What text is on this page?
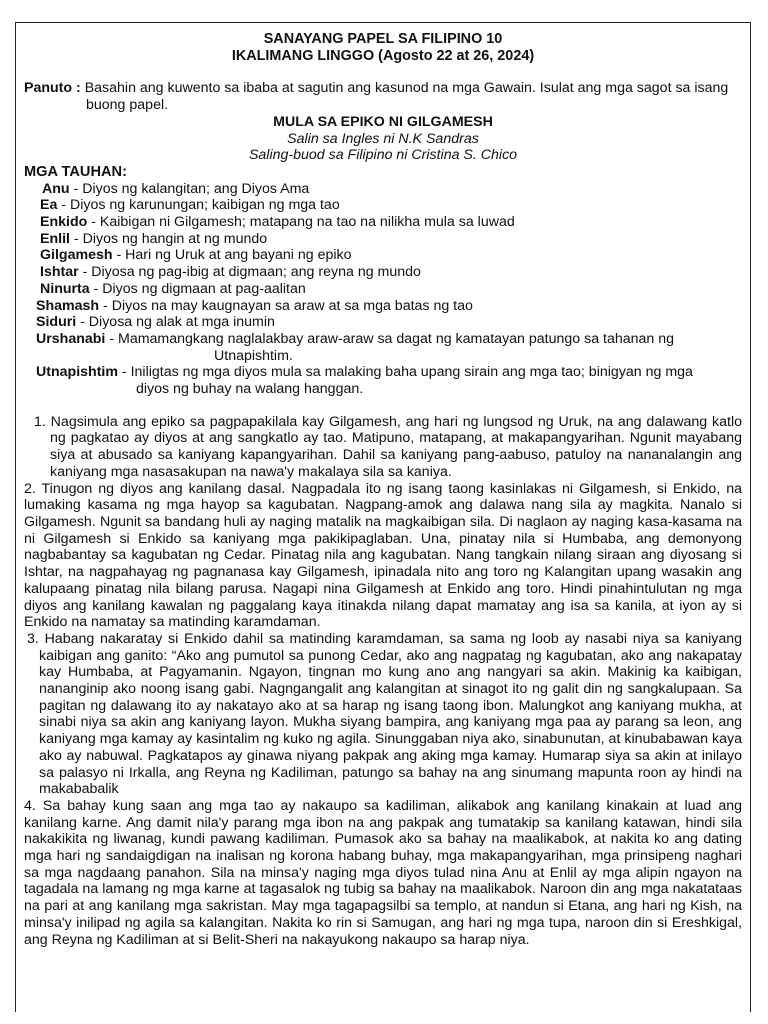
SANAYANG PAPEL SA FILIPINO 10
IKALIMANG LINGGO (Agosto 22 at 26, 2024)
Panuto : Basahin ang kuwento sa ibaba at sagutin ang kasunod na mga Gawain. Isulat ang mga sagot sa isang buong papel.
MULA SA EPIKO NI GILGAMESH
Salin sa Ingles ni N.K Sandras
Saling-buod sa Filipino ni Cristina S. Chico
MGA TAUHAN:
Anu - Diyos ng kalangitan; ang Diyos Ama
Ea - Diyos ng karunungan; kaibigan ng mga tao
Enkido - Kaibigan ni Gilgamesh; matapang na tao na nilikha mula sa luwad
Enlil - Diyos ng hangin at ng mundo
Gilgamesh - Hari ng Uruk at ang bayani ng epiko
Ishtar - Diyosa ng pag-ibig at digmaan; ang reyna ng mundo
Ninurta - Diyos ng digmaan at pag-aalitan
Shamash - Diyos na may kaugnayan sa araw at sa mga batas ng tao
Siduri - Diyosa ng alak at mga inumin
Urshanabi - Mamamangkang naglalakbay araw-araw sa dagat ng kamatayan patungo sa tahanan ng Utnapishtim.
Utnapishtim - Iniligtas ng mga diyos mula sa malaking baha upang sirain ang mga tao; binigyan ng mga diyos ng buhay na walang hanggan.
1. Nagsimula ang epiko sa pagpapakilala kay Gilgamesh, ang hari ng lungsod ng Uruk, na ang dalawang katlo ng pagkatao ay diyos at ang sangkatlo ay tao. Matipuno, matapang, at makapangyarihan. Ngunit mayabang siya at abusado sa kaniyang kapangyarihan. Dahil sa kaniyang pang-aabuso, patuloy na nananalangin ang kaniyang mga nasasakupan na nawa'y makalaya sila sa kaniya.
2. Tinugon ng diyos ang kanilang dasal. Nagpadala ito ng isang taong kasinlakas ni Gilgamesh, si Enkido, na lumaking kasama ng mga hayop sa kagubatan. Nagpang-amok ang dalawa nang sila ay magkita. Nanalo si Gilgamesh. Ngunit sa bandang huli ay naging matalik na magkaibigan sila. Di naglaon ay naging kasa-kasama na ni Gilgamesh si Enkido sa kaniyang mga pakikipaglaban. Una, pinatay nila si Humbaba, ang demonyong nagbabantay sa kagubatan ng Cedar. Pinatag nila ang kagubatan. Nang tangkain nilang siraan ang diyosang si Ishtar, na nagpahayag ng pagnanasa kay Gilgamesh, ipinadala nito ang toro ng Kalangitan upang wasakin ang kalupaang pinatag nila bilang parusa. Nagapi nina Gilgamesh at Enkido ang toro. Hindi pinahintulutan ng mga diyos ang kanilang kawalan ng paggalang kaya itinakda nilang dapat mamatay ang isa sa kanila, at iyon ay si Enkido na namatay sa matinding karamdaman.
3. Habang nakaratay si Enkido dahil sa matinding karamdaman, sa sama ng loob ay nasabi niya sa kaniyang kaibigan ang ganito: “Ako ang pumutol sa punong Cedar, ako ang nagpatag ng kagubatan, ako ang nakapatay kay Humbaba, at Pagyamanin. Ngayon, tingnan mo kung ano ang nangyari sa akin. Makinig ka kaibigan, nananginip ako noong isang gabi. Nagngangalit ang kalangitan at sinagot ito ng galit din ng sangkalupaan. Sa pagitan ng dalawang ito ay nakatayo ako at sa harap ng isang taong ibon. Malungkot ang kaniyang mukha, at sinabi niya sa akin ang kaniyang layon. Mukha siyang bampira, ang kaniyang mga paa ay parang sa leon, ang kaniyang mga kamay ay kasintalim ng kuko ng agila. Sinunggaban niya ako, sinabunutan, at kinubabawan kaya ako ay nabuwal. Pagkatapos ay ginawa niyang pakpak ang aking mga kamay. Humarap siya sa akin at inilayo sa palasyo ni Irkalla, ang Reyna ng Kadiliman, patungo sa bahay na ang sinumang mapunta roon ay hindi na makababalik
4. Sa bahay kung saan ang mga tao ay nakaupo sa kadiliman, alikabok ang kanilang kinakain at luad ang kanilang karne. Ang damit nila'y parang mga ibon na ang pakpak ang tumatakip sa kanilang katawan, hindi sila nakakikita ng liwanag, kundi pawang kadiliman. Pumasok ako sa bahay na maalikabok, at nakita ko ang dating mga hari ng sandaigdigan na inalisan ng korona habang buhay, mga makapangyarihan, mga prinsipeng naghari sa mga nagdaang panahon. Sila na minsa'y naging mga diyos tulad nina Anu at Enlil ay mga alipin ngayon na tagadala na lamang ng mga karne at tagasalok ng tubig sa bahay na maalikabok. Naroon din ang mga nakatataas na pari at ang kanilang mga sakristan. May mga tagapagsilbi sa templo, at nandun si Etana, ang hari ng Kish, na minsa'y inilipad ng agila sa kalangitan. Nakita ko rin si Samugan, ang hari ng mga tupa, naroon din si Ereshkigal, ang Reyna ng Kadiliman at si Belit-Sheri na nakayukong nakaupo sa harap niya.
